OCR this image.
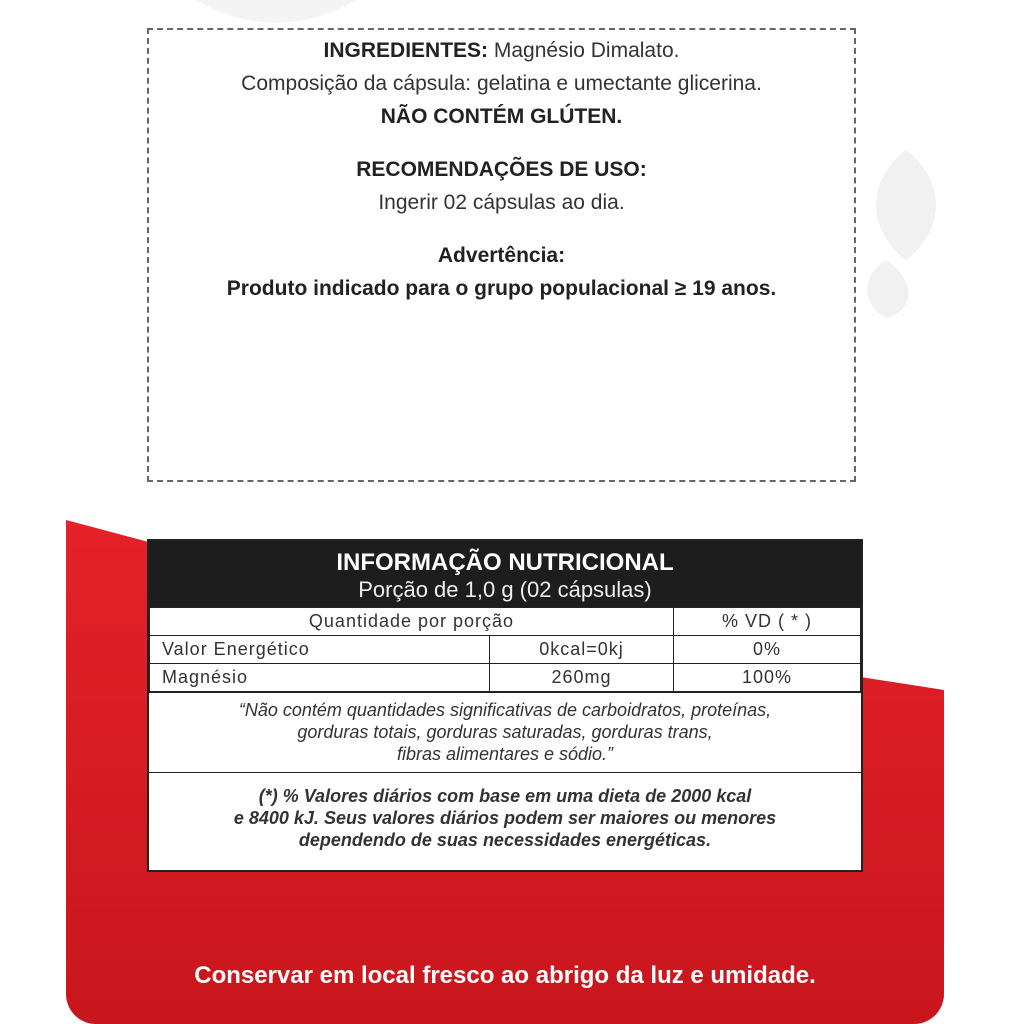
INGREDIENTES: Magnésio Dimalato.
Composição da cápsula: gelatina e umectante glicerina.
NÃO CONTÉM GLÚTEN.
RECOMENDAÇÕES DE USO:
Ingerir 02 cápsulas ao dia.
Advertência:
Produto indicado para o grupo populacional ≥ 19 anos.
INFORMAÇÃO NUTRICIONAL
Porção de 1,0 g (02 cápsulas)
Quantidade por porção		% VD ( * )
Valor Energético	0kcal=0kj	0%
Magnésio	260mg	100%
“Não contém quantidades significativas de carboidratos, proteínas,
gorduras totais, gorduras saturadas, gorduras trans,
fibras alimentares e sódio.”
(*) % Valores diários com base em uma dieta de 2000 kcal
e 8400 kJ. Seus valores diários podem ser maiores ou menores
dependendo de suas necessidades energéticas.
Conservar em local fresco ao abrigo da luz e umidade.
